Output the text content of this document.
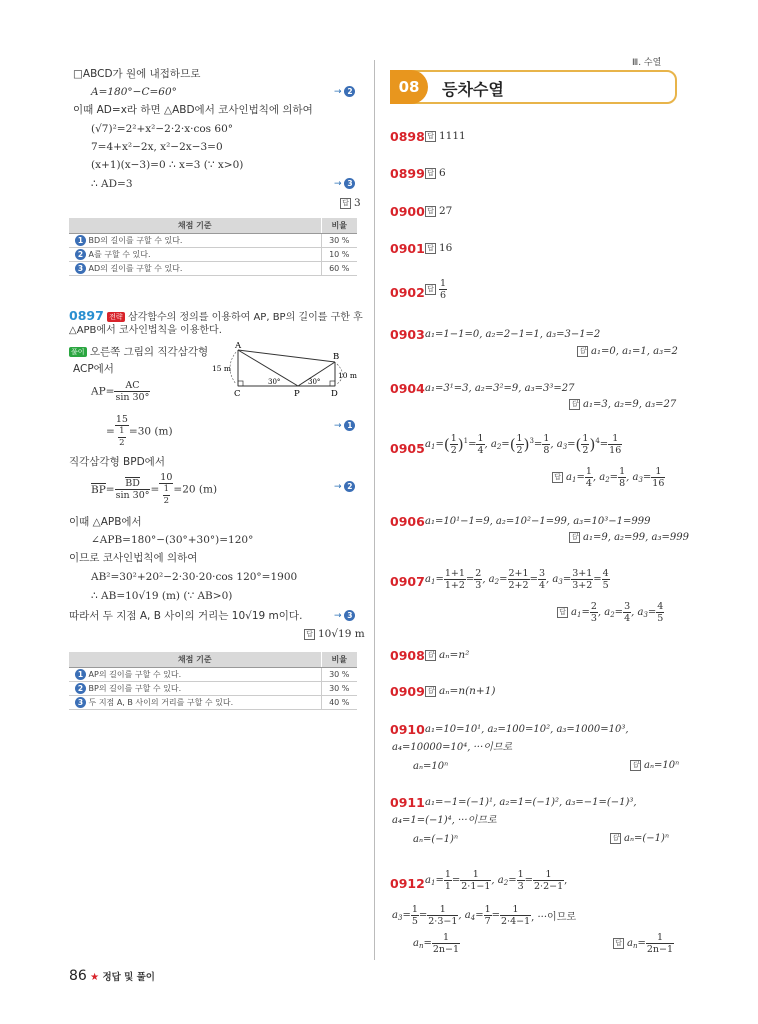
Ⅲ. 수열
□ABCD가 원에 내접하므로
A=180°−C=60°	→ 2
이때 AD=x라 하면 △ABD에서 코사인법칙에 의하여
(√7)²=2²+x²−2·2·x·cos 60°
7=4+x²−2x, x²−2x−3=0
(x+1)(x−3)=0 ∴ x=3 (∵ x>0)
∴ AD=3	→ 3
답 3
채점 기준	비율
1 BD의 길이를 구할 수 있다.	30 %
2 A를 구할 수 있다.	10 %
3 AD의 길이를 구할 수 있다.	60 %
0897 전략 삼각함수의 정의를 이용하여 AP, BP의 길이를 구한 후
△APB에서 코사인법칙을 이용한다.
풀이 오른쪽 그림의 직각삼각형
ACP에서
$AP= \frac{AC}{\sin 30^\circ}$
= $\frac{15}{\frac{1}{2}} =30$ (m)	→ 1
A
B
C	P	D
15 m
10 m
30°	30°
직각삼각형 BPD에서
$BP= \frac{BD}{\sin 30^\circ} = \frac{10}{\frac{1}{2}} =20$ (m)	→ 2
이때 △APB에서
∠APB=180°−(30°+30°)=120°
이므로 코사인법칙에 의하여
AB²=30²+20²−2·30·20·cos 120°=1900
∴ AB=10√19 (m) (∵ AB>0)
따라서 두 지점 A, B 사이의 거리는 10√19 m이다.	→ 3
답 10√19 m
채점 기준	비율
1 AP의 길이를 구할 수 있다.	30 %
2 BP의 길이를 구할 수 있다.	30 %
3 두 지점 A, B 사이의 거리를 구할 수 있다.	40 %
08	등차수열
0898 답 1111
0899 답 6
0900 답 27
0901 답 16
0902 답 $\frac{1}{6}$
0903 a₁=1−1=0, a₂=2−1=1, a₃=3−1=2
답 a₁=0, a₁=1, a₃=2
0904 a₁=3¹=3, a₂=3²=9, a₃=3³=27
답 a₁=3, a₂=9, a₃=27
0905 $a_1=( \frac{1}{2} )^1= \frac{1}{4}$ , $a_2=( \frac{1}{2} )^3= \frac{1}{8}$ , $a_3=( \frac{1}{2} )^4= \frac{1}{16}$
답 $a_1= \frac{1}{4}$ , $a_2= \frac{1}{8}$ , $a_3= \frac{1}{16}$
0906 a₁=10¹−1=9, a₂=10²−1=99, a₃=10³−1=999
답 a₁=9, a₂=99, a₃=999
0907 $a_1= \frac{1+1}{1+2} = \frac{2}{3}$ , $a_2= \frac{2+1}{2+2} = \frac{3}{4}$ , $a_3= \frac{3+1}{3+2} = \frac{4}{5}$
답 $a_1= \frac{2}{3}$ , $a_2= \frac{3}{4}$ , $a_3= \frac{4}{5}$
0908 답 aₙ=n²
0909 답 aₙ=n(n+1)
0910 a₁=10=10¹, a₂=100=10², a₃=1000=10³,
a₄=10000=10⁴, ···이므로
aₙ=10ⁿ	답 aₙ=10ⁿ
0911 a₁=−1=(−1)¹, a₂=1=(−1)², a₃=−1=(−1)³,
a₄=1=(−1)⁴, ···이므로
aₙ=(−1)ⁿ	답 aₙ=(−1)ⁿ
0912 $a_1= \frac{1}{1} = \frac{1}{2\cdot 1-1}$ , $a_2= \frac{1}{3} = \frac{1}{2\cdot 2-1}$ ,
$a_3= \frac{1}{5} = \frac{1}{2\cdot 3-1}$ , $a_4= \frac{1}{7} = \frac{1}{2\cdot 4-1}$ , ···이므로
$a_n= \frac{1}{2n-1}$	답 $a_n= \frac{1}{2n-1}$
86 ★ 정답 및 풀이
